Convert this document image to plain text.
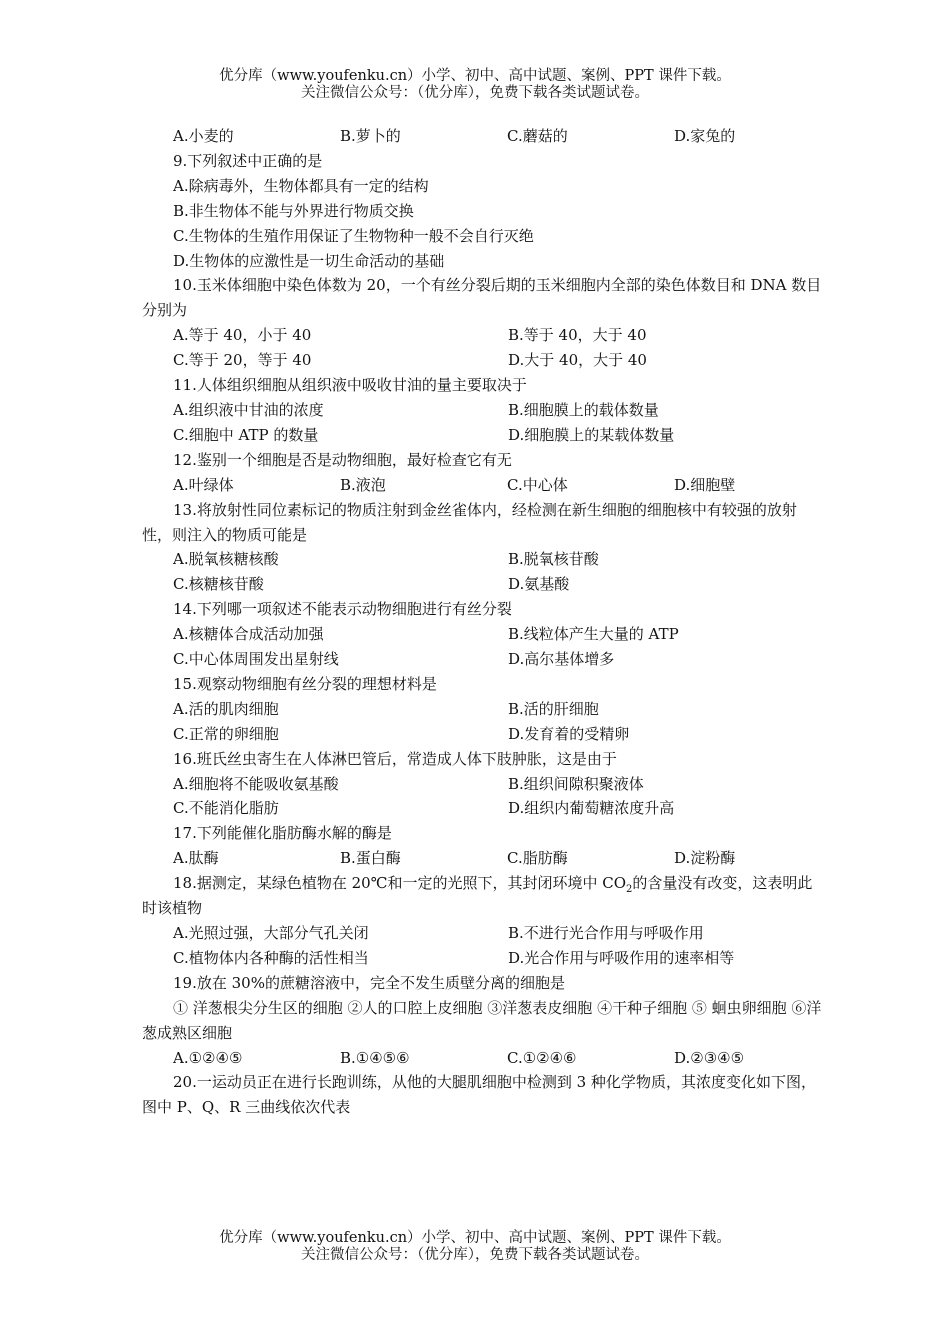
优分库（www.youfenku.cn）小学、初中、高中试题、案例、PPT 课件下载。
关注微信公众号：（优分库），免费下载各类试题试卷。
A.小麦的	B.萝卜的	C.蘑菇的	D.家兔的
9.下列叙述中正确的是
A.除病毒外，生物体都具有一定的结构
B.非生物体不能与外界进行物质交换
C.生物体的生殖作用保证了生物物种一般不会自行灭绝
D.生物体的应激性是一切生命活动的基础
10.玉米体细胞中染色体数为 20，一个有丝分裂后期的玉米细胞内全部的染色体数目和 DNA 数目分别为
A.等于 40，小于 40	B.等于 40，大于 40
C.等于 20，等于 40	D.大于 40，大于 40
11.人体组织细胞从组织液中吸收甘油的量主要取决于
A.组织液中甘油的浓度	B.细胞膜上的载体数量
C.细胞中 ATP 的数量	D.细胞膜上的某载体数量
12.鉴别一个细胞是否是动物细胞，最好检查它有无
A.叶绿体	B.液泡	C.中心体	D.细胞壁
13.将放射性同位素标记的物质注射到金丝雀体内，经检测在新生细胞的细胞核中有较强的放射性，则注入的物质可能是
A.脱氧核糖核酸	B.脱氧核苷酸
C.核糖核苷酸	D.氨基酸
14.下列哪一项叙述不能表示动物细胞进行有丝分裂
A.核糖体合成活动加强	B.线粒体产生大量的 ATP
C.中心体周围发出星射线	D.高尔基体增多
15.观察动物细胞有丝分裂的理想材料是
A.活的肌肉细胞	B.活的肝细胞
C.正常的卵细胞	D.发育着的受精卵
16.班氏丝虫寄生在人体淋巴管后，常造成人体下肢肿胀，这是由于
A.细胞将不能吸收氨基酸	B.组织间隙积聚液体
C.不能消化脂肪	D.组织内葡萄糖浓度升高
17.下列能催化脂肪酶水解的酶是
A.肽酶	B.蛋白酶	C.脂肪酶	D.淀粉酶
18.据测定，某绿色植物在 20℃和一定的光照下，其封闭环境中 $CO_2$的含量没有改变，这表明此时该植物
A.光照过强，大部分气孔关闭	B.不进行光合作用与呼吸作用
C.植物体内各种酶的活性相当	D.光合作用与呼吸作用的速率相等
19.放在 30%的蔗糖溶液中，完全不发生质壁分离的细胞是
① 洋葱根尖分生区的细胞 ②人的口腔上皮细胞 ③洋葱表皮细胞 ④干种子细胞 ⑤ 蛔虫卵细胞 ⑥洋葱成熟区细胞
A.①②④⑤	B.①④⑤⑥	C.①②④⑥	D.②③④⑤
20.一运动员正在进行长跑训练，从他的大腿肌细胞中检测到 3 种化学物质，其浓度变化如下图，图中 P、Q、R 三曲线依次代表
优分库（www.youfenku.cn）小学、初中、高中试题、案例、PPT 课件下载。
关注微信公众号：（优分库），免费下载各类试题试卷。
